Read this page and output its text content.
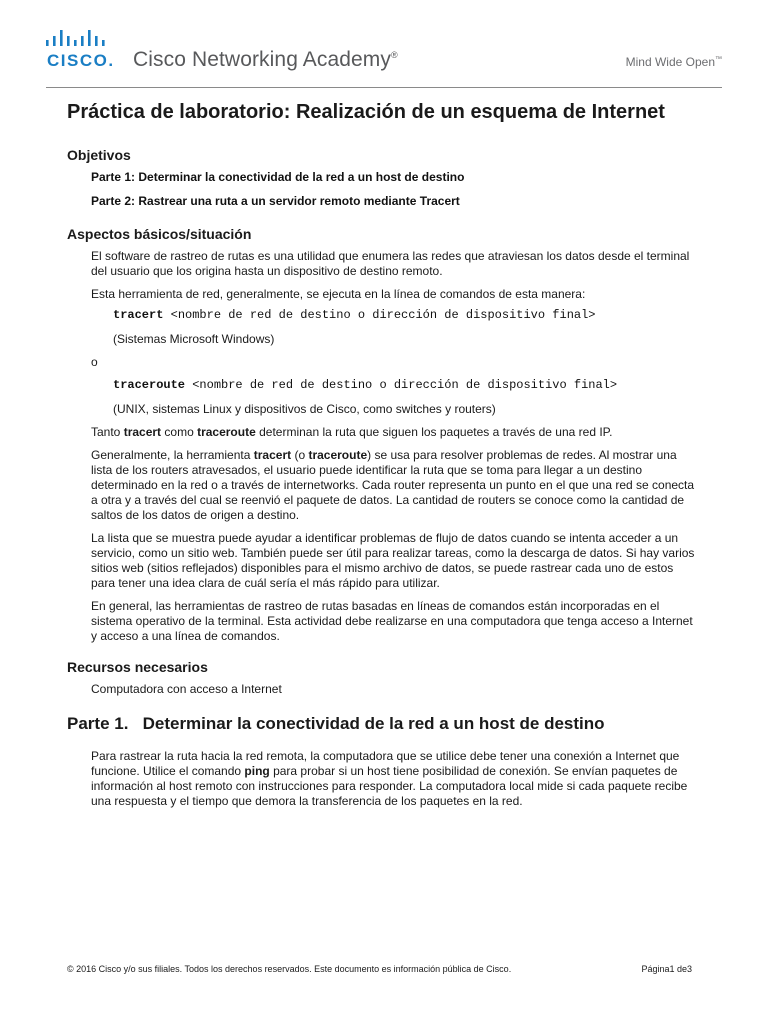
CISCO. Cisco Networking Academy®	Mind Wide Open™
Práctica de laboratorio: Realización de un esquema de Internet
Objetivos
Parte 1: Determinar la conectividad de la red a un host de destino
Parte 2: Rastrear una ruta a un servidor remoto mediante Tracert
Aspectos básicos/situación

El software de rastreo de rutas es una utilidad que enumera las redes que atraviesan los datos desde el terminal del usuario que los origina hasta un dispositivo de destino remoto.

Esta herramienta de red, generalmente, se ejecuta en la línea de comandos de esta manera:

tracert <nombre de red de destino o dirección de dispositivo final>

(Sistemas Microsoft Windows)

o

traceroute <nombre de red de destino o dirección de dispositivo final>

(UNIX, sistemas Linux y dispositivos de Cisco, como switches y routers)

Tanto tracert como traceroute determinan la ruta que siguen los paquetes a través de una red IP.

Generalmente, la herramienta tracert (o traceroute) se usa para resolver problemas de redes. Al mostrar una lista de los routers atravesados, el usuario puede identificar la ruta que se toma para llegar a un destino determinado en la red o a través de internetworks. Cada router representa un punto en el que una red se conecta a otra y a través del cual se reenvió el paquete de datos. La cantidad de routers se conoce como la cantidad de saltos de los datos de origen a destino.

La lista que se muestra puede ayudar a identificar problemas de flujo de datos cuando se intenta acceder a un servicio, como un sitio web. También puede ser útil para realizar tareas, como la descarga de datos. Si hay varios sitios web (sitios reflejados) disponibles para el mismo archivo de datos, se puede rastrear cada uno de estos para tener una idea clara de cuál sería el más rápido para utilizar.

En general, las herramientas de rastreo de rutas basadas en líneas de comandos están incorporadas en el sistema operativo de la terminal. Esta actividad debe realizarse en una computadora que tenga acceso a Internet y acceso a una línea de comandos.

Recursos necesarios

Computadora con acceso a Internet

Parte 1.   Determinar la conectividad de la red a un host de destino

Para rastrear la ruta hacia la red remota, la computadora que se utilice debe tener una conexión a Internet que funcione. Utilice el comando ping para probar si un host tiene posibilidad de conexión. Se envían paquetes de información al host remoto con instrucciones para responder. La computadora local mide si cada paquete recibe una respuesta y el tiempo que demora la transferencia de los paquetes en la red.

© 2016 Cisco y/o sus filiales. Todos los derechos reservados. Este documento es información pública de Cisco.	Página1 de3
